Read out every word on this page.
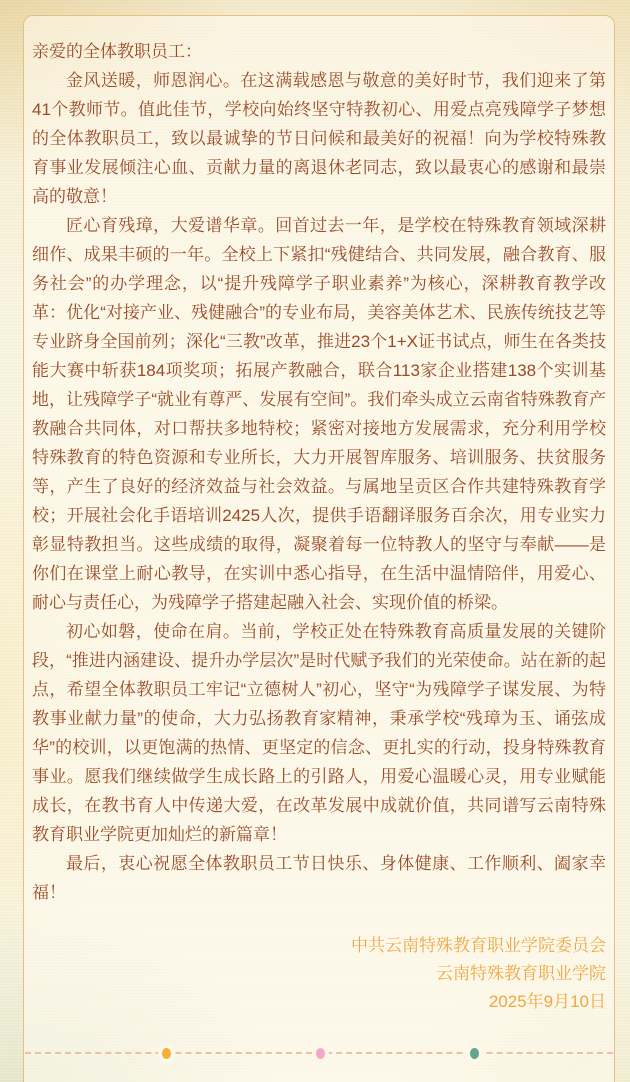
亲爱的全体教职员工：

金风送暖，师恩润心。在这满载感恩与敬意的美好时节，我们迎来了第41个教师节。值此佳节，学校向始终坚守特教初心、用爱点亮残障学子梦想的全体教职员工，致以最诚挚的节日问候和最美好的祝福！向为学校特殊教育事业发展倾注心血、贡献力量的离退休老同志，致以最衷心的感谢和最崇高的敬意！

匠心育残璋，大爱谱华章。回首过去一年，是学校在特殊教育领域深耕细作、成果丰硕的一年。全校上下紧扣“残健结合、共同发展，融合教育、服务社会”的办学理念，以“提升残障学子职业素养”为核心，深耕教育教学改革：优化“对接产业、残健融合”的专业布局，美容美体艺术、民族传统技艺等专业跻身全国前列；深化“三教”改革，推进23个1+X证书试点，师生在各类技能大赛中斩获184项奖项；拓展产教融合，联合113家企业搭建138个实训基地，让残障学子“就业有尊严、发展有空间”。我们牵头成立云南省特殊教育产教融合共同体，对口帮扶多地特校；紧密对接地方发展需求，充分利用学校特殊教育的特色资源和专业所长，大力开展智库服务、培训服务、扶贫服务等，产生了良好的经济效益与社会效益。与属地呈贡区合作共建特殊教育学校；开展社会化手语培训2425人次，提供手语翻译服务百余次，用专业实力彰显特教担当。这些成绩的取得，凝聚着每一位特教人的坚守与奉献——是你们在课堂上耐心教导，在实训中悉心指导，在生活中温情陪伴，用爱心、耐心与责任心，为残障学子搭建起融入社会、实现价值的桥梁。

初心如磐，使命在肩。当前，学校正处在特殊教育高质量发展的关键阶段，“推进内涵建设、提升办学层次”是时代赋予我们的光荣使命。站在新的起点，希望全体教职员工牢记“立德树人”初心，坚守“为残障学子谋发展、为特教事业献力量”的使命，大力弘扬教育家精神，秉承学校“残璋为玉、诵弦成华”的校训，以更饱满的热情、更坚定的信念、更扎实的行动，投身特殊教育事业。愿我们继续做学生成长路上的引路人，用爱心温暖心灵，用专业赋能成长，在教书育人中传递大爱，在改革发展中成就价值，共同谱写云南特殊教育职业学院更加灿烂的新篇章！

最后，衷心祝愿全体教职员工节日快乐、身体健康、工作顺利、阖家幸福！

中共云南特殊教育职业学院委员会
云南特殊教育职业学院
2025年9月10日
